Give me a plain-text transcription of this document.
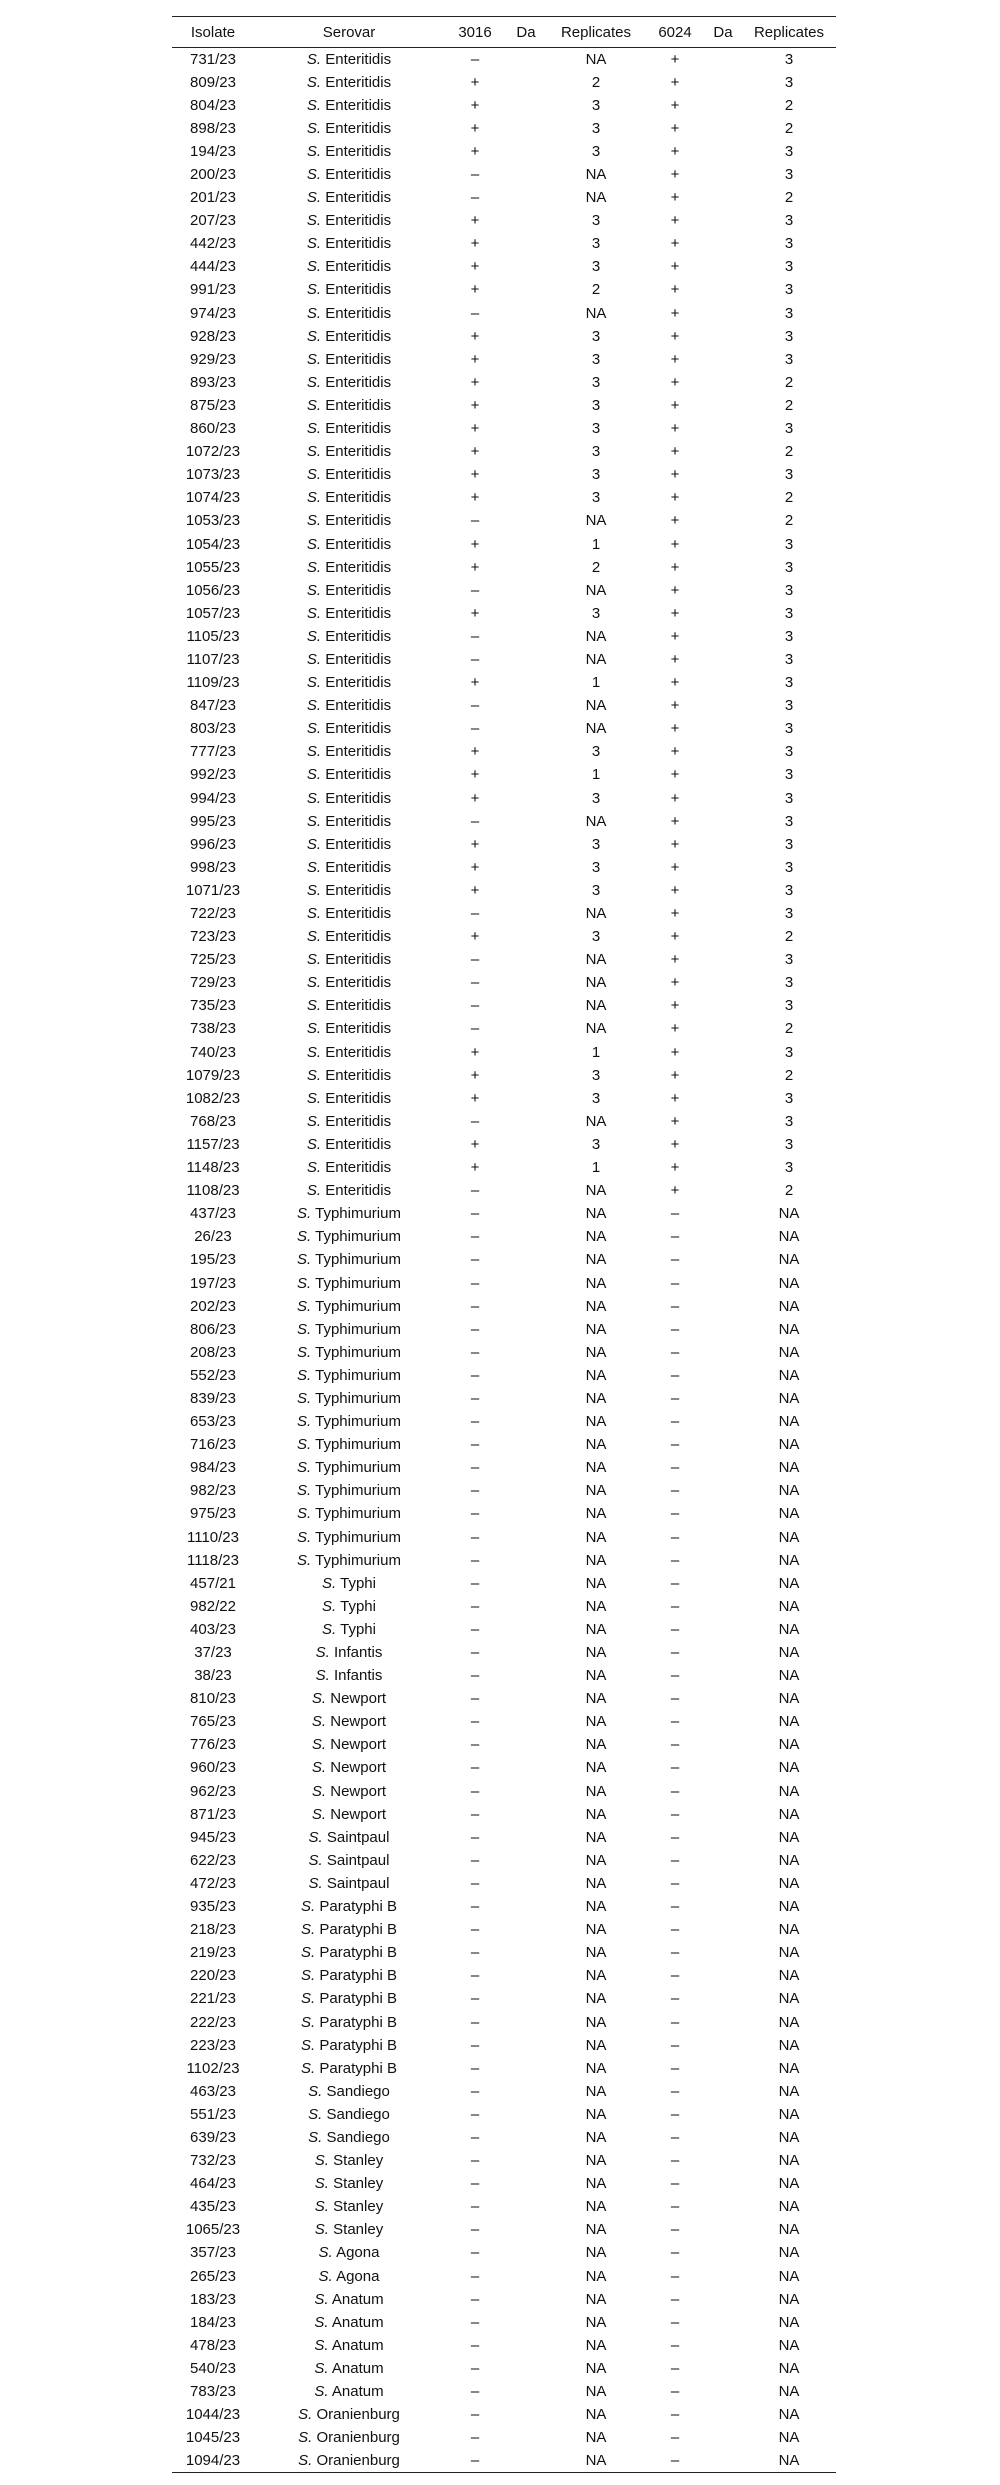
Isolate	Serovar	3016	Da	Replicates	6024	Da	Replicates
731/23	S. Enteritidis	–		NA	+		3
809/23	S. Enteritidis	+		2	+		3
804/23	S. Enteritidis	+		3	+		2
898/23	S. Enteritidis	+		3	+		2
194/23	S. Enteritidis	+		3	+		3
200/23	S. Enteritidis	–		NA	+		3
201/23	S. Enteritidis	–		NA	+		2
207/23	S. Enteritidis	+		3	+		3
442/23	S. Enteritidis	+		3	+		3
444/23	S. Enteritidis	+		3	+		3
991/23	S. Enteritidis	+		2	+		3
974/23	S. Enteritidis	–		NA	+		3
928/23	S. Enteritidis	+		3	+		3
929/23	S. Enteritidis	+		3	+		3
893/23	S. Enteritidis	+		3	+		2
875/23	S. Enteritidis	+		3	+		2
860/23	S. Enteritidis	+		3	+		3
1072/23	S. Enteritidis	+		3	+		2
1073/23	S. Enteritidis	+		3	+		3
1074/23	S. Enteritidis	+		3	+		2
1053/23	S. Enteritidis	–		NA	+		2
1054/23	S. Enteritidis	+		1	+		3
1055/23	S. Enteritidis	+		2	+		3
1056/23	S. Enteritidis	–		NA	+		3
1057/23	S. Enteritidis	+		3	+		3
1105/23	S. Enteritidis	–		NA	+		3
1107/23	S. Enteritidis	–		NA	+		3
1109/23	S. Enteritidis	+		1	+		3
847/23	S. Enteritidis	–		NA	+		3
803/23	S. Enteritidis	–		NA	+		3
777/23	S. Enteritidis	+		3	+		3
992/23	S. Enteritidis	+		1	+		3
994/23	S. Enteritidis	+		3	+		3
995/23	S. Enteritidis	–		NA	+		3
996/23	S. Enteritidis	+		3	+		3
998/23	S. Enteritidis	+		3	+		3
1071/23	S. Enteritidis	+		3	+		3
722/23	S. Enteritidis	–		NA	+		3
723/23	S. Enteritidis	+		3	+		2
725/23	S. Enteritidis	–		NA	+		3
729/23	S. Enteritidis	–		NA	+		3
735/23	S. Enteritidis	–		NA	+		3
738/23	S. Enteritidis	–		NA	+		2
740/23	S. Enteritidis	+		1	+		3
1079/23	S. Enteritidis	+		3	+		2
1082/23	S. Enteritidis	+		3	+		3
768/23	S. Enteritidis	–		NA	+		3
1157/23	S. Enteritidis	+		3	+		3
1148/23	S. Enteritidis	+		1	+		3
1108/23	S. Enteritidis	–		NA	+		2
437/23	S. Typhimurium	–		NA	–		NA
26/23	S. Typhimurium	–		NA	–		NA
195/23	S. Typhimurium	–		NA	–		NA
197/23	S. Typhimurium	–		NA	–		NA
202/23	S. Typhimurium	–		NA	–		NA
806/23	S. Typhimurium	–		NA	–		NA
208/23	S. Typhimurium	–		NA	–		NA
552/23	S. Typhimurium	–		NA	–		NA
839/23	S. Typhimurium	–		NA	–		NA
653/23	S. Typhimurium	–		NA	–		NA
716/23	S. Typhimurium	–		NA	–		NA
984/23	S. Typhimurium	–		NA	–		NA
982/23	S. Typhimurium	–		NA	–		NA
975/23	S. Typhimurium	–		NA	–		NA
1110/23	S. Typhimurium	–		NA	–		NA
1118/23	S. Typhimurium	–		NA	–		NA
457/21	S. Typhi	–		NA	–		NA
982/22	S. Typhi	–		NA	–		NA
403/23	S. Typhi	–		NA	–		NA
37/23	S. Infantis	–		NA	–		NA
38/23	S. Infantis	–		NA	–		NA
810/23	S. Newport	–		NA	–		NA
765/23	S. Newport	–		NA	–		NA
776/23	S. Newport	–		NA	–		NA
960/23	S. Newport	–		NA	–		NA
962/23	S. Newport	–		NA	–		NA
871/23	S. Newport	–		NA	–		NA
945/23	S. Saintpaul	–		NA	–		NA
622/23	S. Saintpaul	–		NA	–		NA
472/23	S. Saintpaul	–		NA	–		NA
935/23	S. Paratyphi B	–		NA	–		NA
218/23	S. Paratyphi B	–		NA	–		NA
219/23	S. Paratyphi B	–		NA	–		NA
220/23	S. Paratyphi B	–		NA	–		NA
221/23	S. Paratyphi B	–		NA	–		NA
222/23	S. Paratyphi B	–		NA	–		NA
223/23	S. Paratyphi B	–		NA	–		NA
1102/23	S. Paratyphi B	–		NA	–		NA
463/23	S. Sandiego	–		NA	–		NA
551/23	S. Sandiego	–		NA	–		NA
639/23	S. Sandiego	–		NA	–		NA
732/23	S. Stanley	–		NA	–		NA
464/23	S. Stanley	–		NA	–		NA
435/23	S. Stanley	–		NA	–		NA
1065/23	S. Stanley	–		NA	–		NA
357/23	S. Agona	–		NA	–		NA
265/23	S. Agona	–		NA	–		NA
183/23	S. Anatum	–		NA	–		NA
184/23	S. Anatum	–		NA	–		NA
478/23	S. Anatum	–		NA	–		NA
540/23	S. Anatum	–		NA	–		NA
783/23	S. Anatum	–		NA	–		NA
1044/23	S. Oranienburg	–		NA	–		NA
1045/23	S. Oranienburg	–		NA	–		NA
1094/23	S. Oranienburg	–		NA	–		NA
